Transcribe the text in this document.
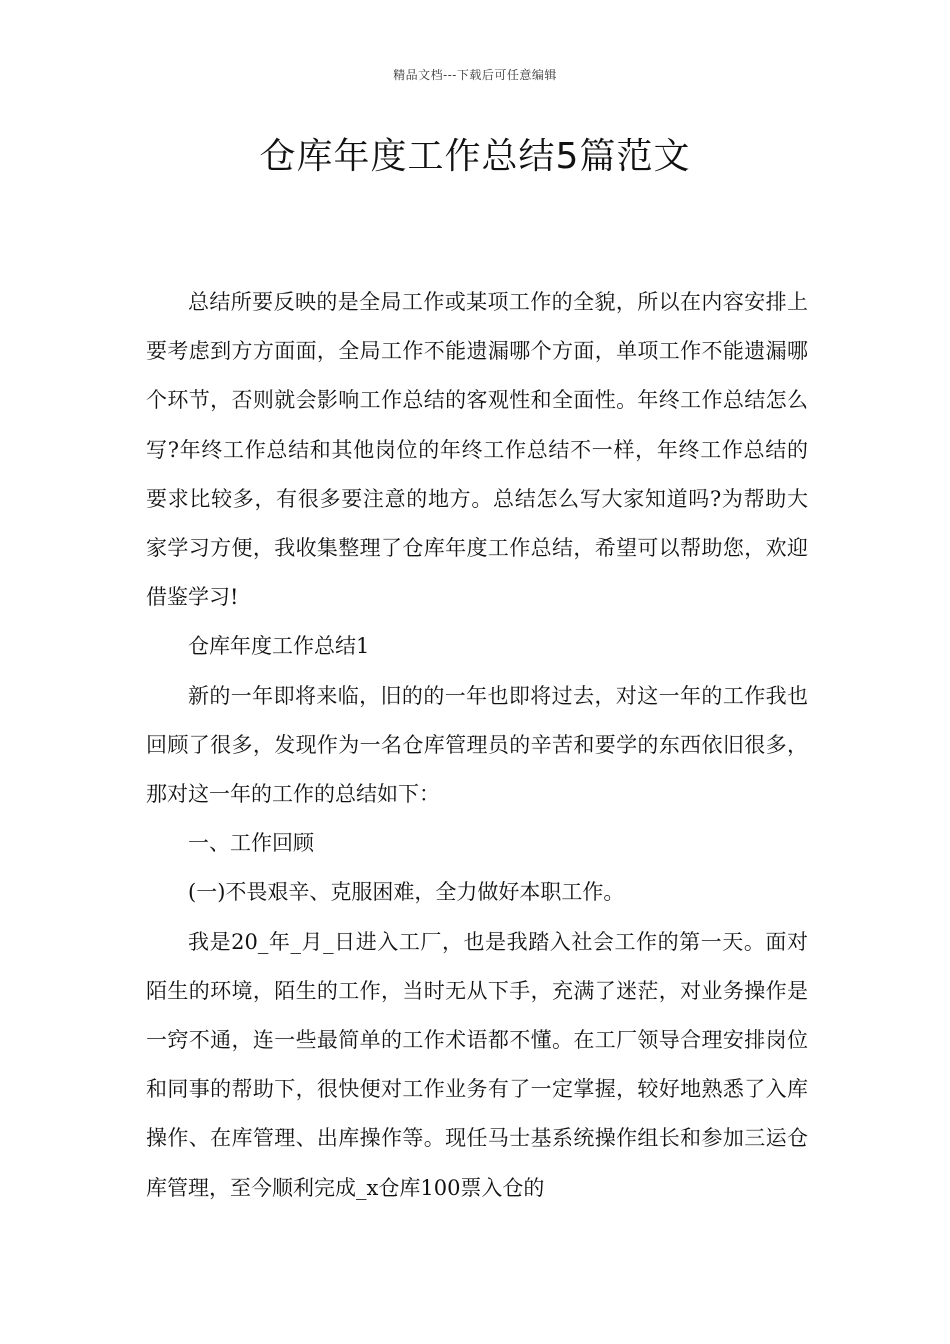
精品文档---下载后可任意编辑
仓库年度工作总结5篇范文

总结所要反映的是全局工作或某项工作的全貌，所以在内容安排上要考虑到方方面面，全局工作不能遗漏哪个方面，单项工作不能遗漏哪个环节，否则就会影响工作总结的客观性和全面性。年终工作总结怎么写?年终工作总结和其他岗位的年终工作总结不一样，年终工作总结的要求比较多，有很多要注意的地方。总结怎么写大家知道吗?为帮助大家学习方便，我收集整理了仓库年度工作总结，希望可以帮助您，欢迎借鉴学习!

仓库年度工作总结1

新的一年即将来临，旧的的一年也即将过去，对这一年的工作我也回顾了很多，发现作为一名仓库管理员的辛苦和要学的东西依旧很多，那对这一年的工作的总结如下：

一、工作回顾

(一)不畏艰辛、克服困难，全力做好本职工作。

我是20_年_月_日进入工厂，也是我踏入社会工作的第一天。面对陌生的环境，陌生的工作，当时无从下手，充满了迷茫，对业务操作是一窍不通，连一些最简单的工作术语都不懂。在工厂领导合理安排岗位和同事的帮助下，很快便对工作业务有了一定掌握，较好地熟悉了入库操作、在库管理、出库操作等。现任马士基系统操作组长和参加三运仓库管理，至今顺利完成_x仓库100票入仓的
